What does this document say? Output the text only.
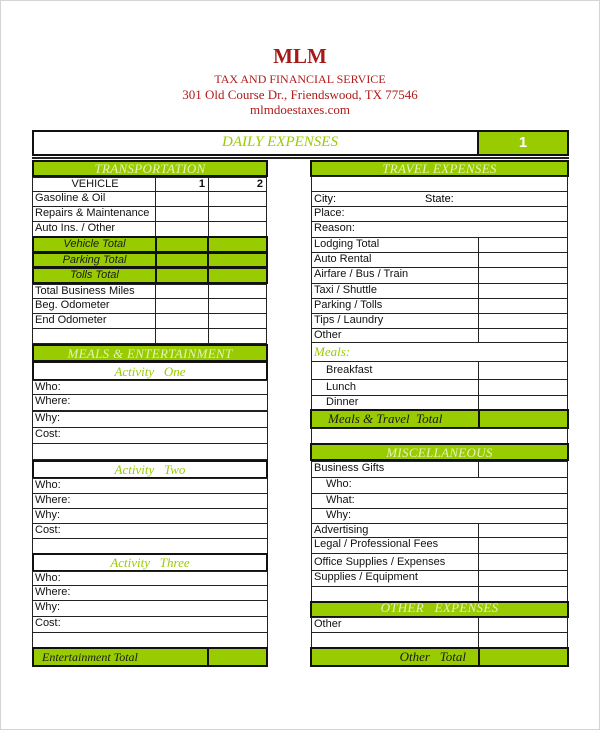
MLM
TAX AND FINANCIAL SERVICE
301 Old Course Dr., Friendswood, TX 77546
mlmdoestaxes.com
DAILY EXPENSES	1
TRANSPORTATION
VEHICLE	1	2
Gasoline & Oil
Repairs & Maintenance
Auto Ins. / Other
Vehicle Total
Parking Total
Tolls Total
Total Business Miles
Beg. Odometer
End Odometer
MEALS & ENTERTAINMENT
Activity   One
Who:
Where:
Why:
Cost:
Activity   Two
Who:
Where:
Why:
Cost:
Activity   Three
Who:
Where:
Why:
Cost:
Entertainment Total
TRAVEL EXPENSES
City:	State:
Place:
Reason:
Lodging Total
Auto Rental
Airfare / Bus / Train
Taxi / Shuttle
Parking / Tolls
Tips / Laundry
Other
Meals:
Breakfast
Lunch
Dinner
Meals & Travel  Total
MISCELLANEOUS
Business Gifts
Who:
What:
Why:
Advertising
Legal / Professional Fees
Office Supplies / Expenses
Supplies / Equipment
OTHER   EXPENSES
Other
Other   Total
